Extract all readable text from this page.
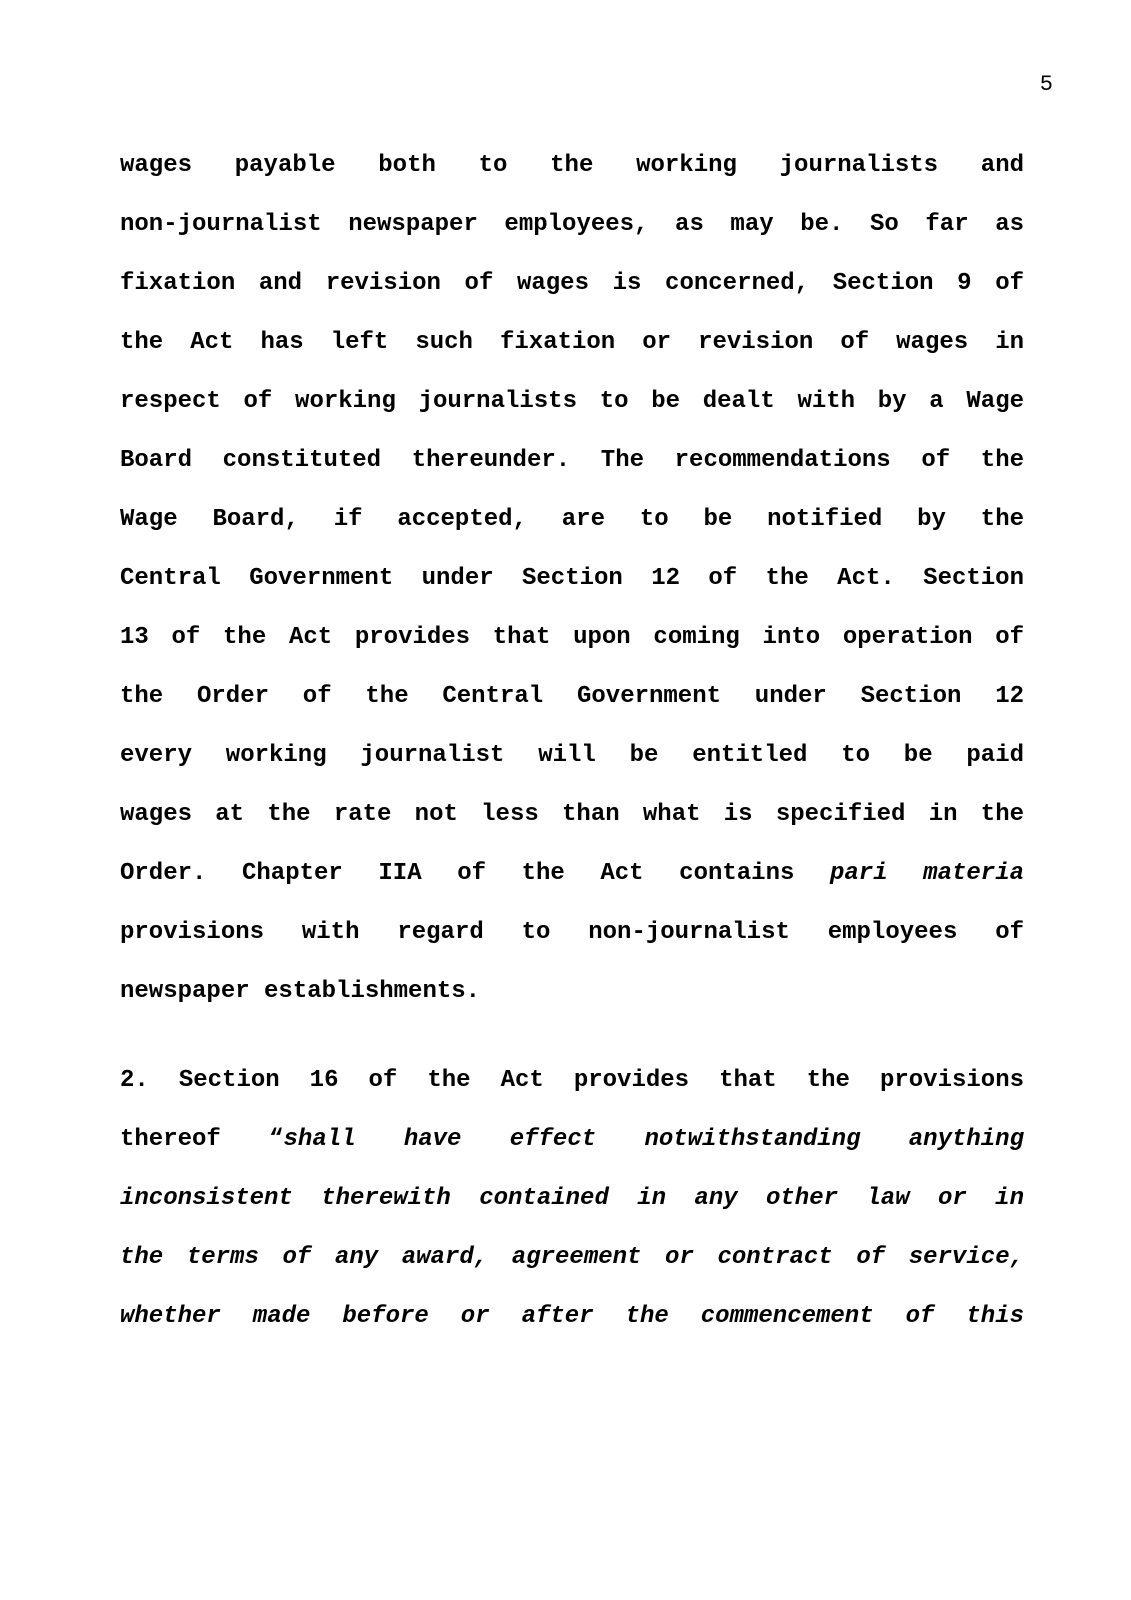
5
wages payable both to the working journalists and
non-journalist newspaper employees, as may be. So far as
fixation and revision of wages is concerned, Section 9 of
the Act has left such fixation or revision of wages in
respect of working journalists to be dealt with by a Wage
Board constituted thereunder. The recommendations of the
Wage Board, if accepted, are to be notified by the
Central Government under Section 12 of the Act. Section
13 of the Act provides that upon coming into operation of
the Order of the Central Government under Section 12
every working journalist will be entitled to be paid
wages at the rate not less than what is specified in the
Order. Chapter IIA of the Act contains pari materia
provisions with regard to non-journalist employees of
newspaper establishments.
2. Section 16 of the Act provides that the provisions
thereof “shall have effect notwithstanding anything
inconsistent therewith contained in any other law or in
the terms of any award, agreement or contract of service,
whether made before or after the commencement of this
